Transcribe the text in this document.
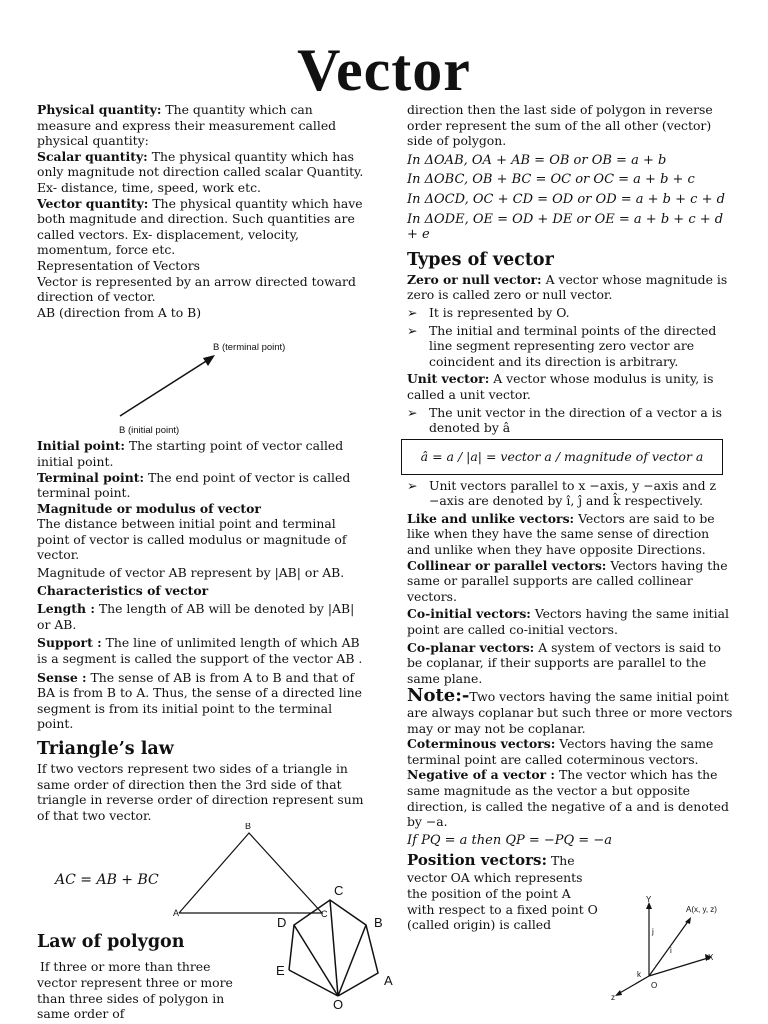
Vector

Physical quantity: The quantity which can measure and express their measurement called physical quantity:

Scalar quantity: The physical quantity which has only magnitude not direction called scalar Quantity. Ex- distance, time, speed, work etc.

Vector quantity: The physical quantity which have both magnitude and direction. Such quantities are called vectors. Ex- displacement, velocity, momentum, force etc.

Representation of Vectors

Vector is represented by an arrow directed toward direction of vector.

AB (direction from A to B)

B (terminal point)
B (initial point)

Initial point: The starting point of vector called initial point.

Terminal point: The end point of vector is called terminal point.

Magnitude or modulus of vector

The distance between initial point and terminal point of vector is called modulus or magnitude of vector.

Magnitude of vector AB represent by |AB| or AB.

Characteristics of vector

Length : The length of AB will be denoted by |AB| or AB.

Support : The line of unlimited length of which AB is a segment is called the support of the vector AB .

Sense : The sense of AB is from A to B and that of BA is from B to A. Thus, the sense of a directed line segment is from its initial point to the terminal point.

Triangle’s law

If two vectors represent two sides of a triangle in same order of direction then the 3rd side of that triangle in reverse order of direction represent sum of that two vector.

B
A	C
AC = AB + BC
Law of polygon

If three or more than three vector represent three or more than three sides of polygon in same order of

C
D	B
E
A
O

direction then the last side of polygon in reverse order represent the sum of the all other (vector) side of polygon.

In ΔOAB, OA + AB = OB or OB = a + b

In ΔOBC, OB + BC = OC or OC = a + b + c

In ΔOCD, OC + CD = OD or OD = a + b + c + d

In ΔODE, OE = OD + DE or OE = a + b + c + d + e

Types of vector

Zero or null vector: A vector whose magnitude is zero is called zero or null vector.

➢ It is represented by O.

➢ The initial and terminal points of the directed line segment representing zero vector are coincident and its direction is arbitrary.

Unit vector: A vector whose modulus is unity, is called a unit vector.

➢ The unit vector in the direction of a vector a is denoted by â

â = a / |a| = vector a / magnitude of vector a

➢ Unit vectors parallel to x −axis, y −axis and z −axis are denoted by î, ĵ and k̂ respectively.

Like and unlike vectors: Vectors are said to be like when they have the same sense of direction and unlike when they have opposite Directions.

Collinear or parallel vectors: Vectors having the same or parallel supports are called collinear vectors.

Co-initial vectors: Vectors having the same initial point are called co-initial vectors.

Co-planar vectors: A system of vectors is said to be coplanar, if their supports are parallel to the same plane.

Note:-Two vectors having the same initial point are always coplanar but such three or more vectors may or may not be coplanar.

Coterminous vectors: Vectors having the same terminal point are called coterminous vectors.

Negative of a vector : The vector which has the same magnitude as the vector a but opposite direction, is called the negative of a and is denoted by −a.

If PQ = a then QP = −PQ = −a

Position vectors: The vector OA which represents the position of the point A with respect to a fixed point O (called origin) is called

Y
A(x, y, z)
j
i
X
k
z
O
